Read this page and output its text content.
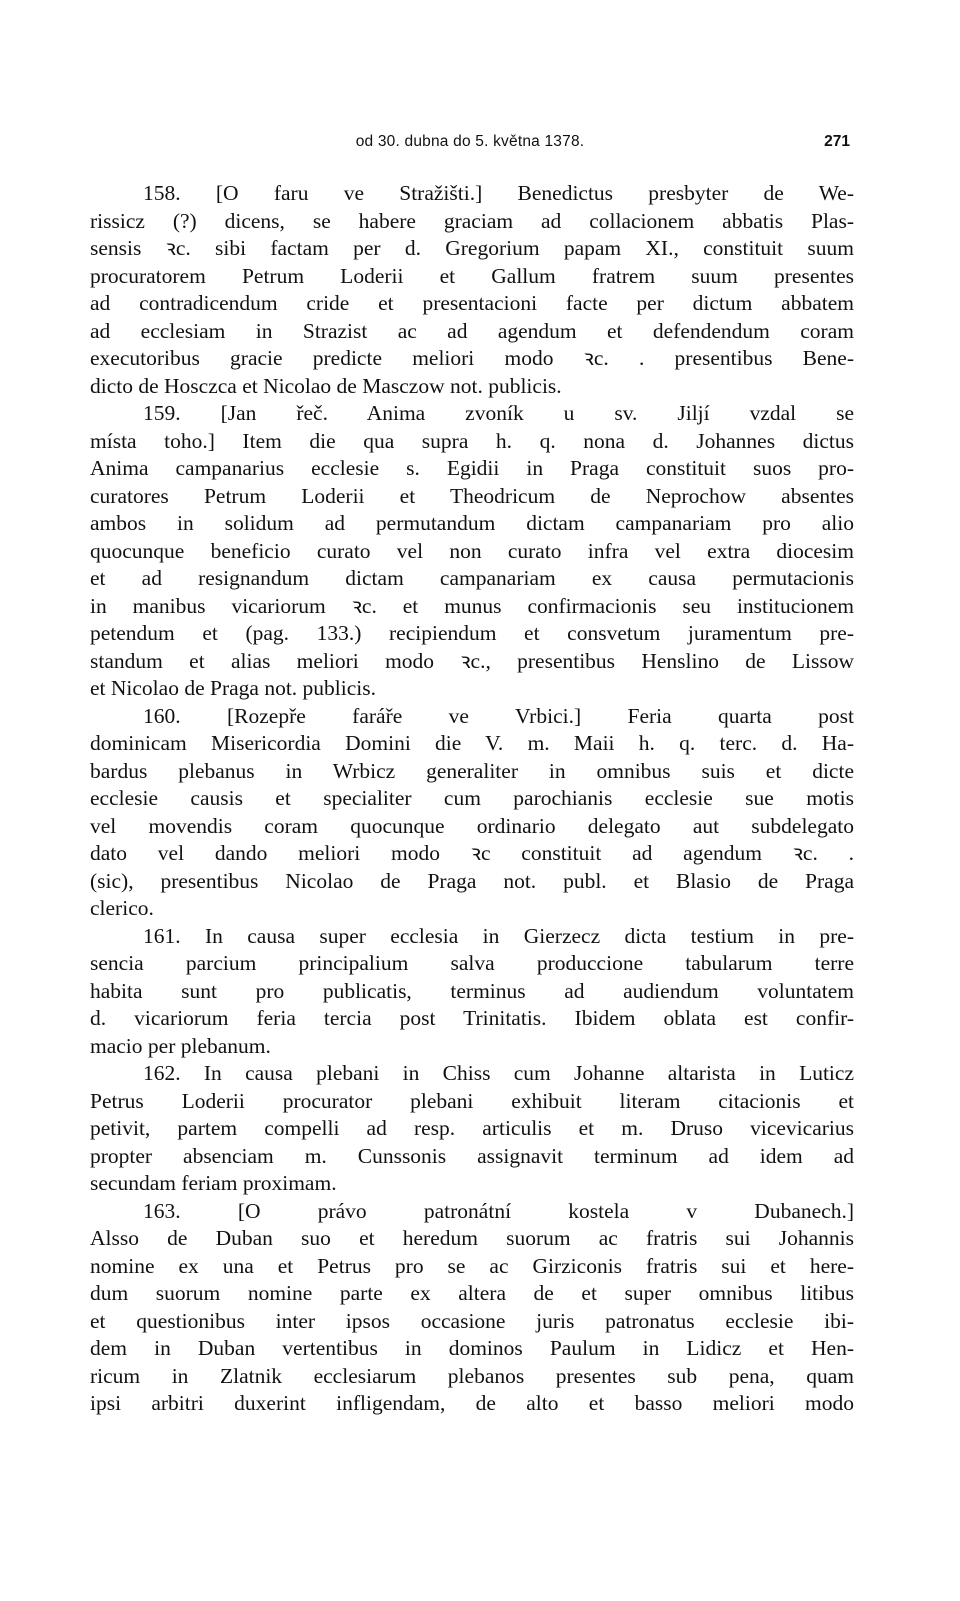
od 30. dubna do 5. května 1378.	271
158. [O faru ve Stražišti.] Benedictus presbyter de We-
rissicz (?) dicens, se habere graciam ad collacionem abbatis Plas-
sensis ꝛc. sibi factam per d. Gregorium papam XI., constituit suum
procuratorem Petrum Loderii et Gallum fratrem suum presentes
ad contradicendum cride et presentacioni facte per dictum abbatem
ad ecclesiam in Strazist ac ad agendum et defendendum coram
executoribus gracie predicte meliori modo ꝛc. . presentibus Bene-
dicto de Hosczca et Nicolao de Masczow not. publicis.
159. [Jan řeč. Anima zvoník u sv. Jiljí vzdal se
místa toho.] Item die qua supra h. q. nona d. Johannes dictus
Anima campanarius ecclesie s. Egidii in Praga constituit suos pro-
curatores Petrum Loderii et Theodricum de Neprochow absentes
ambos in solidum ad permutandum dictam campanariam pro alio
quocunque beneficio curato vel non curato infra vel extra diocesim
et ad resignandum dictam campanariam ex causa permutacionis
in manibus vicariorum ꝛc. et munus confirmacionis seu institucionem
petendum et (pag. 133.) recipiendum et consvetum juramentum pre-
standum et alias meliori modo ꝛc., presentibus Henslino de Lissow
et Nicolao de Praga not. publicis.
160. [Rozepře faráře ve Vrbici.] Feria quarta post
dominicam Misericordia Domini die V. m. Maii h. q. terc. d. Ha-
bardus plebanus in Wrbicz generaliter in omnibus suis et dicte
ecclesie causis et specialiter cum parochianis ecclesie sue motis
vel movendis coram quocunque ordinario delegato aut subdelegato
dato vel dando meliori modo ꝛc constituit ad agendum ꝛc. .
(sic), presentibus Nicolao de Praga not. publ. et Blasio de Praga
clerico.
161. In causa super ecclesia in Gierzecz dicta testium in pre-
sencia parcium principalium salva produccione tabularum terre
habita sunt pro publicatis, terminus ad audiendum voluntatem
d. vicariorum feria tercia post Trinitatis. Ibidem oblata est confir-
macio per plebanum.
162. In causa plebani in Chiss cum Johanne altarista in Luticz
Petrus Loderii procurator plebani exhibuit literam citacionis et
petivit, partem compelli ad resp. articulis et m. Druso vicevicarius
propter absenciam m. Cunssonis assignavit terminum ad idem ad
secundam feriam proximam.
163. [O právo patronátní kostela v Dubanech.]
Alsso de Duban suo et heredum suorum ac fratris sui Johannis
nomine ex una et Petrus pro se ac Girziconis fratris sui et here-
dum suorum nomine parte ex altera de et super omnibus litibus
et questionibus inter ipsos occasione juris patronatus ecclesie ibi-
dem in Duban vertentibus in dominos Paulum in Lidicz et Hen-
ricum in Zlatnik ecclesiarum plebanos presentes sub pena, quam
ipsi arbitri duxerint infligendam, de alto et basso meliori modo
